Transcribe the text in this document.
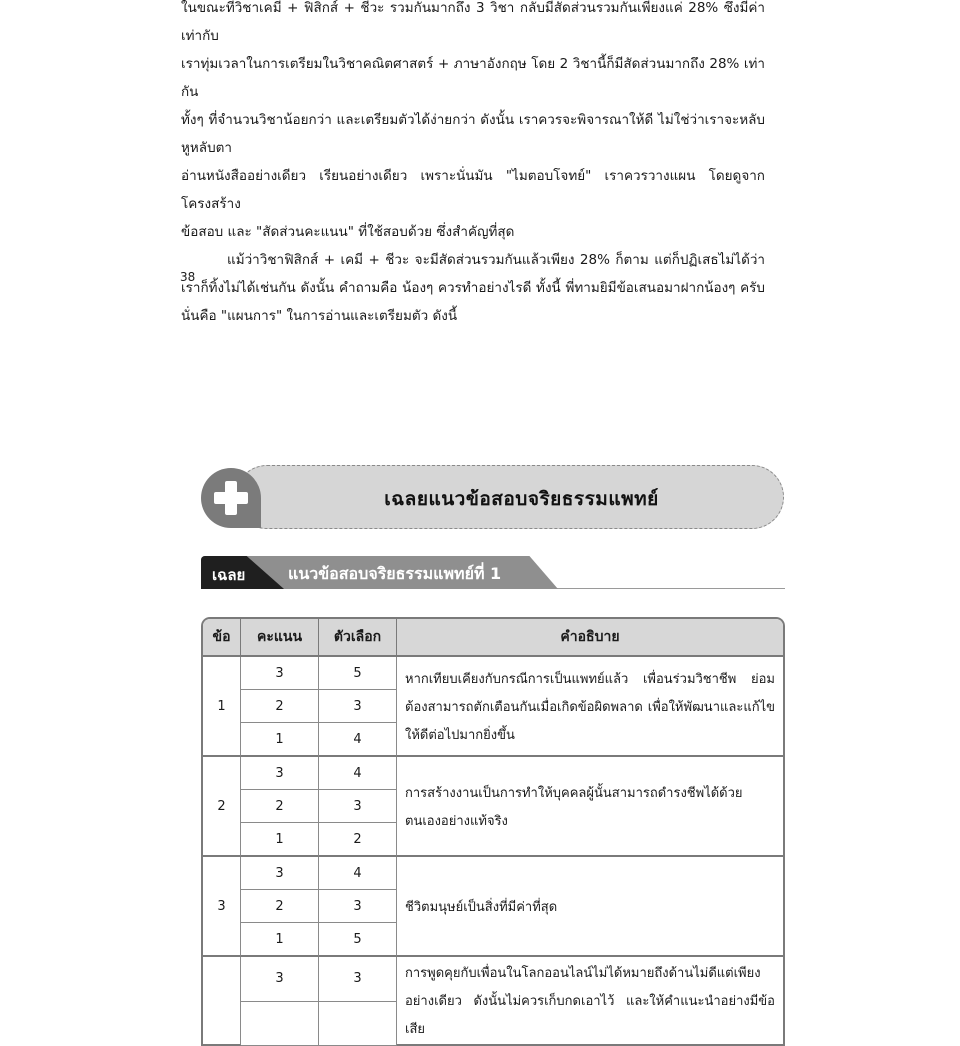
ในขณะที่วิชาเคมี + ฟิสิกส์ + ชีวะ รวมกันมากถึง 3 วิชา กลับมีสัดส่วนรวมกันเพียงแค่ 28% ซึ่งมีค่าเท่ากับ

เราทุ่มเวลาในการเตรียมในวิชาคณิตศาสตร์ + ภาษาอังกฤษ โดย 2 วิชานี้ก็มีสัดส่วนมากถึง 28% เท่ากัน

ทั้งๆ ที่จำนวนวิชาน้อยกว่า และเตรียมตัวได้ง่ายกว่า ดังนั้น เราควรจะพิจารณาให้ดี ไม่ใช่ว่าเราจะหลับหูหลับตา

อ่านหนังสืออย่างเดียว เรียนอย่างเดียว เพราะนั่นมัน "ไมตอบโจทย์" เราควรวางแผน โดยดูจากโครงสร้าง

ข้อสอบ และ "สัดส่วนคะแนน" ที่ใช้สอบด้วย ซึ่งสำคัญที่สุด

แม้ว่าวิชาฟิสิกส์ + เคมี + ชีวะ จะมีสัดส่วนรวมกันแล้วเพียง 28% ก็ตาม แต่ก็ปฏิเสธไม่ได้ว่า

เราก็ทิ้งไม่ได้เช่นกัน ดังนั้น คำถามคือ น้องๆ ควรทำอย่างไรดี ทั้งนี้ พี่ทามยิมีข้อเสนอมาฝากน้องๆ ครับ

นั่นคือ "แผนการ" ในการอ่านและเตรียมตัว ดังนี้

38
เฉลยแนวข้อสอบจริยธรรมแพทย์
เฉลย	แนวข้อสอบจริยธรรมแพทย์ที่ 1
ข้อ	คะแนน	ตัวเลือก	คำอธิบาย
1	3	5	หากเทียบเคียงกับกรณีการเป็นแพทย์แล้ว เพื่อนร่วมวิชาชีพ ย่อมต้องสามารถตักเตือนกันเมื่อเกิดข้อผิดพลาด เพื่อให้พัฒนาและแก้ไขให้ดีต่อไปมากยิ่งขึ้น
	2	3	
	1	4	
2	3	4	การสร้างงานเป็นการทำให้บุคคลผู้นั้นสามารถดำรงชีพได้ด้วยตนเองอย่างแท้จริง
	2	3	
	1	2	
3	3	4	ชีวิตมนุษย์เป็นสิ่งที่มีค่าที่สุด
	2	3	
	1	5	
	3	3	การพูดคุยกับเพื่อนในโลกออนไลน์ไม่ได้หมายถึงด้านไม่ดีแต่เพียงอย่างเดียว ดังนั้นไม่ควรเก็บกดเอาไว้ และให้คำแนะนำอย่างมีข้อเสีย
